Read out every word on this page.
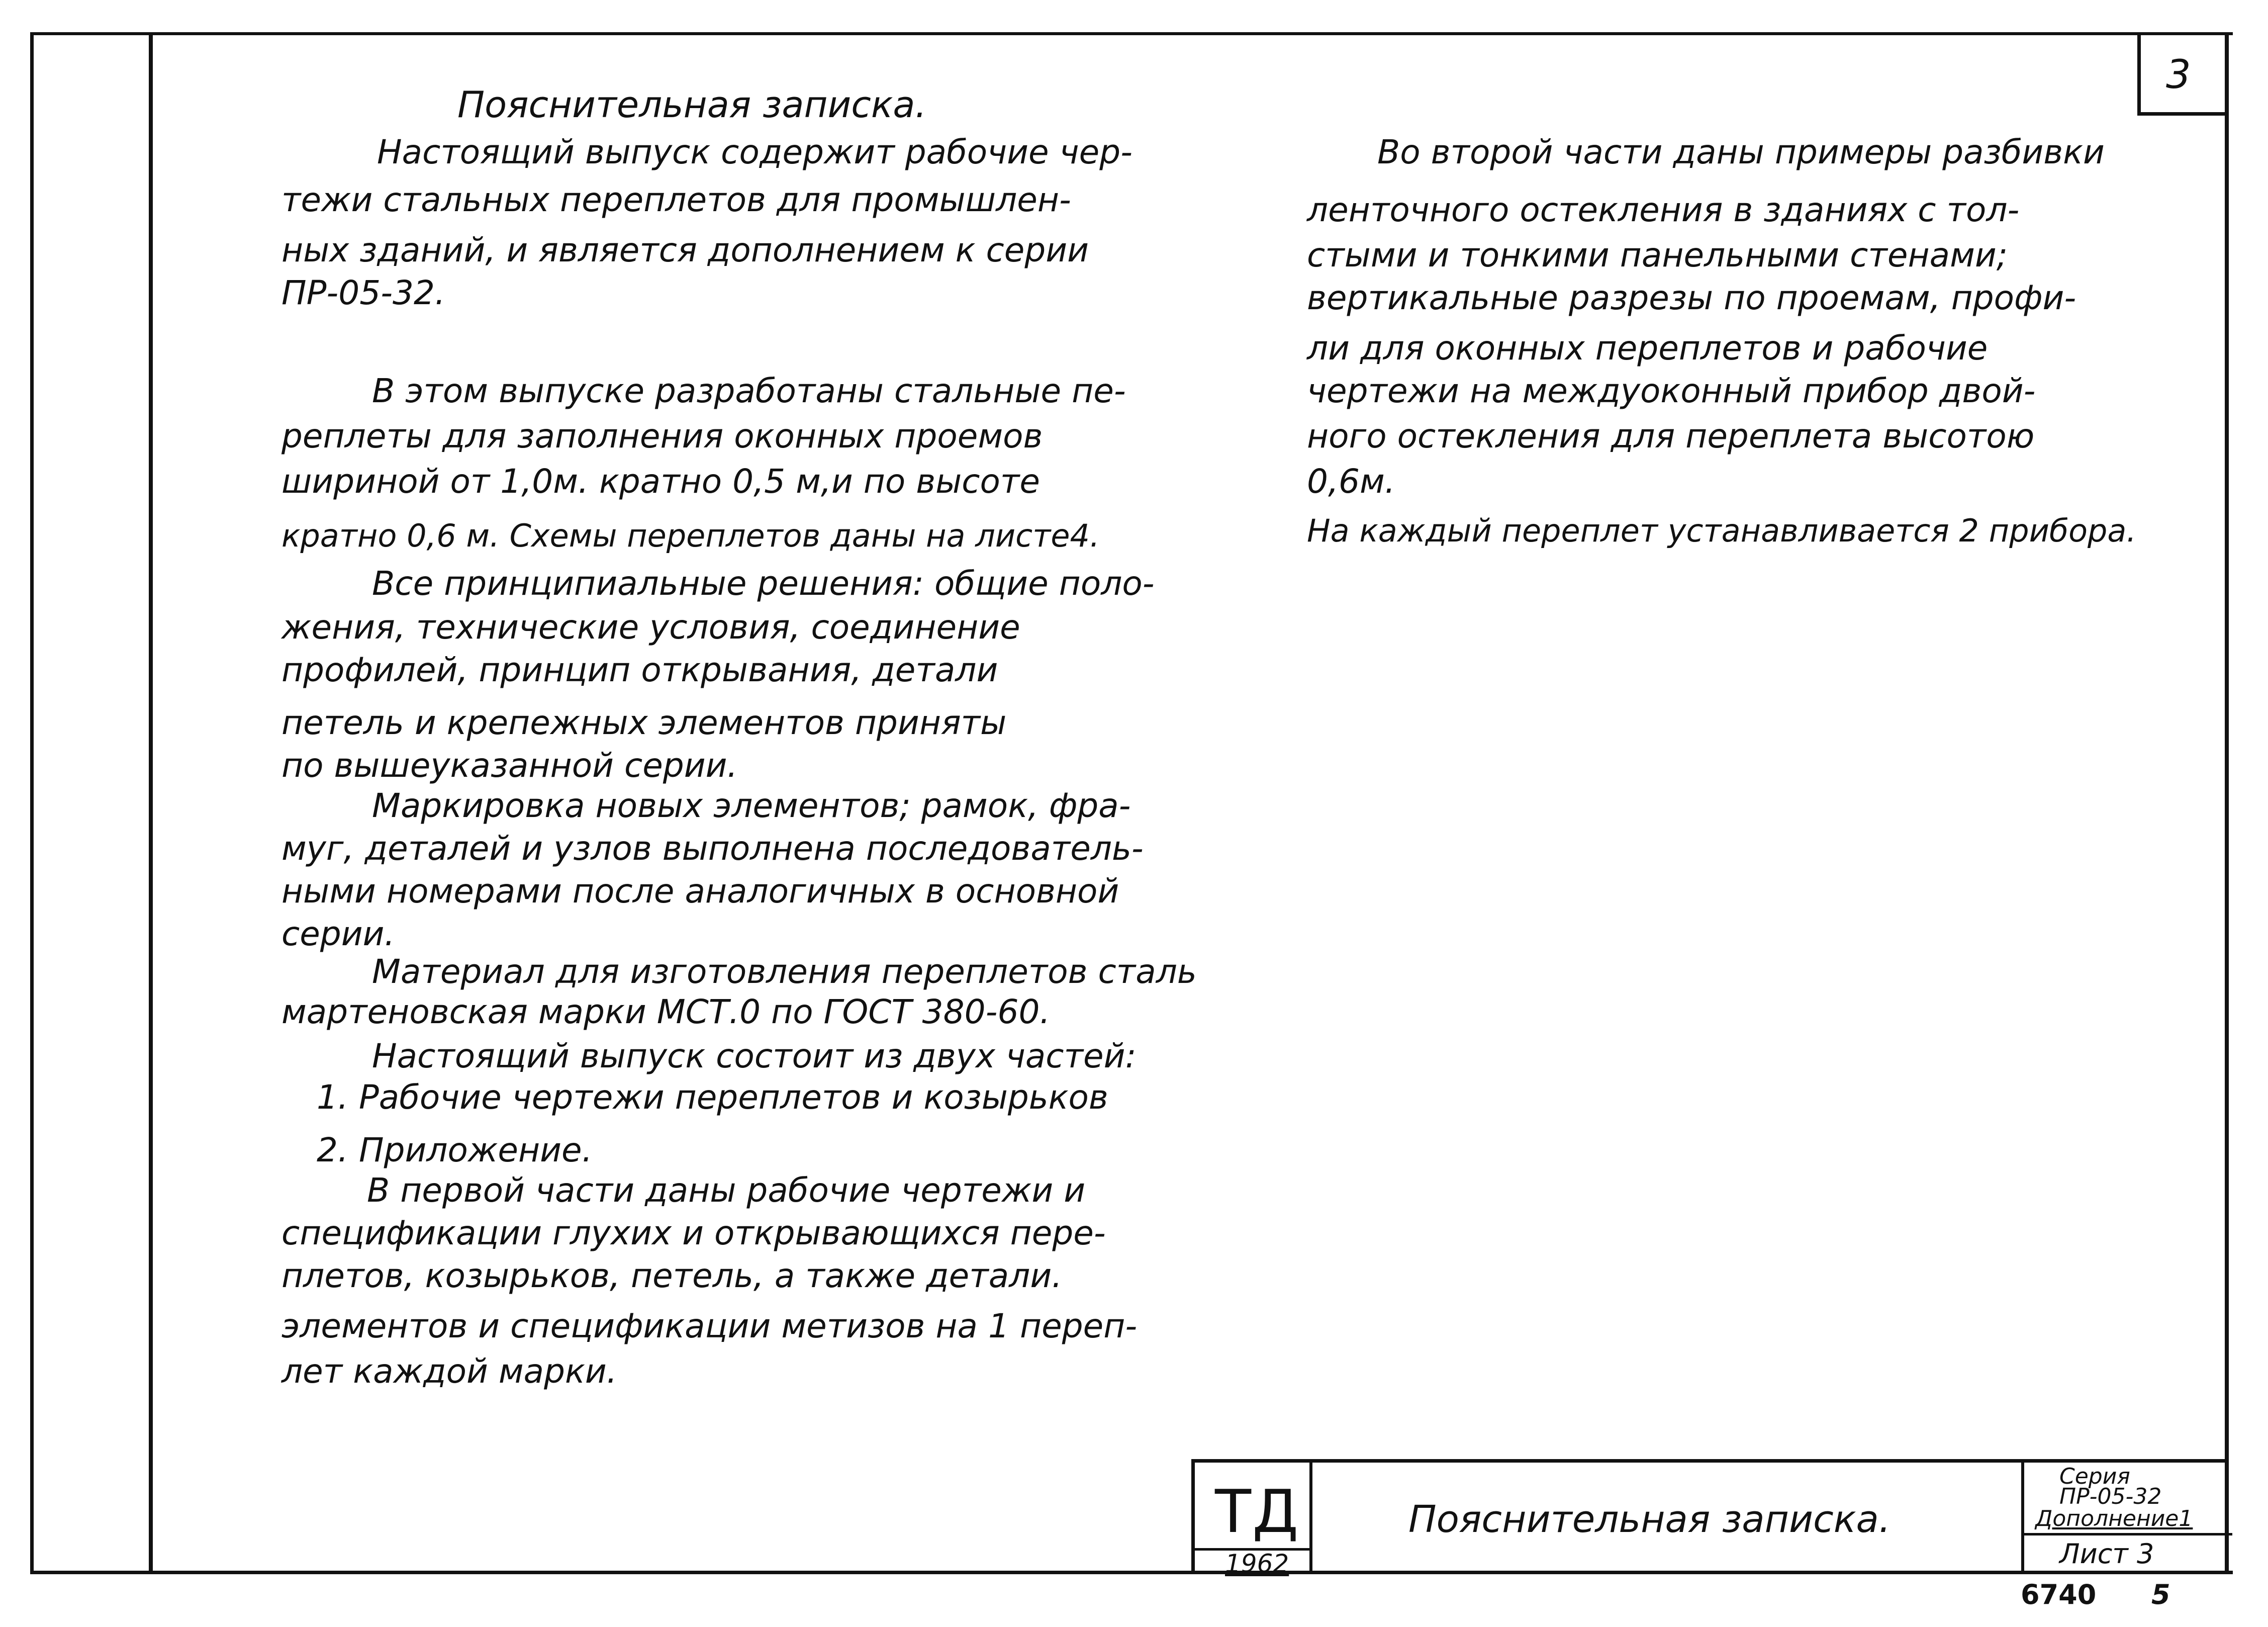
3
Пояснительная записка.
Настоящий выпуск содержит рабочие чер-
тежи стальных переплетов для промышлен-
ных зданий, и является дополнением к серии
ПР-05-32.
В этом выпуске разработаны стальные пе-
реплеты для заполнения оконных проемов
шириной от 1,0м. кратно 0,5 м,и по высоте
кратно 0,6 м. Схемы переплетов даны на листе4.
Все принципиальные решения: общие поло-
жения, технические условия, соединение
профилей, принцип открывания, детали
петель и крепежных элементов приняты
по вышеуказанной серии.
Маркировка новых элементов; рамок, фра-
муг, деталей и узлов выполнена последователь-
ными номерами после аналогичных в основной
серии.
Материал для изготовления переплетов сталь
мартеновская марки МСТ.0 по ГОСТ 380-60.
Настоящий выпуск состоит из двух частей:
1. Рабочие чертежи переплетов и козырьков
2. Приложение.
В первой части даны рабочие чертежи и
спецификации глухих и открывающихся пере-
плетов, козырьков, петель, а также детали.
элементов и спецификации метизов на 1 переп-
лет каждой марки.
Во второй части даны примеры разбивки
ленточного остекления в зданиях с тол-
стыми и тонкими панельными стенами;
вертикальные разрезы по проемам, профи-
ли для оконных переплетов и рабочие
чертежи на междуоконный прибор двой-
ного остекления для переплета высотою
0,6м.
На каждый переплет устанавливается 2 прибора.
ТД
1962
Пояснительная записка.
Серия
ПР-05-32
Дополнение1
Лист 3
6740 5
